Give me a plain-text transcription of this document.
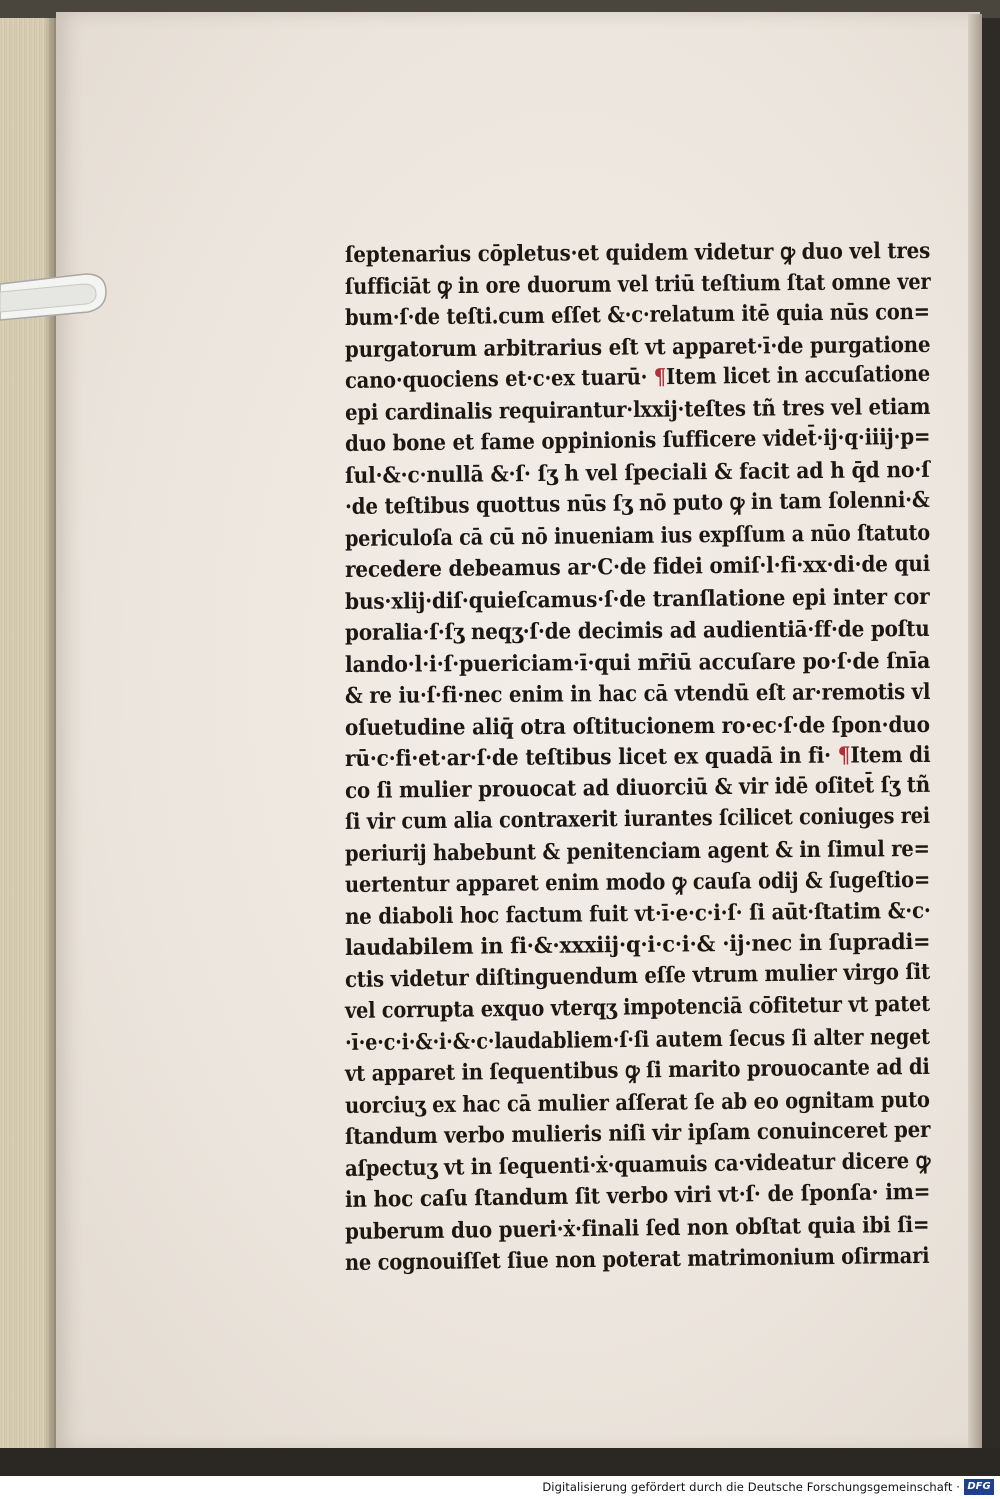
ſeptenarius cōpletus·et quidem videtur ꝙ duo vel tres
ſufficiāt ꝙ in ore duorum vel triū teſtium ſtat omne ver
bum·ſ·de teſti.cum eſſet &·c·relatum itē quia nūs con=
purgatorum arbitrarius eſt vt apparet·ī·de purgatione
cano·quociens et·c·ex tuarū· ¶Item licet in accuſatione
epi cardinalis requirantur·lxxij·teſtes tñ tres vel etiam
duo bone et fame oppinionis ſufficere videt̄·ij·q·iiij·p=
ſul·&·c·nullā &·ſ· ſʒ h vel ſpeciali & facit ad h q̄d no·ſ
·de teſtibus quottus nūs ſʒ nō puto ꝙ in tam ſolenni·&
periculoſa cā cū nō inueniam ius expſſum a nūo ſtatuto
recedere debeamus ar·C·de fidei omiſ·l·fi·xx·di·de qui
bus·xlij·diſ·quieſcamus·ſ·de tranſlatione epi inter cor
poralia·ſ·ſʒ neqʒ·ſ·de decimis ad audientiā·ff·de poſtu
lando·l·i·ſ·puericiam·ī·qui mr̄iū accuſare po·ſ·de ſnīa
& re iu·ſ·fi·nec enim in hac cā vtendū eſt ar·remotis vl
oſuetudine aliq̄ otra oſtitucionem ro·ec·ſ·de ſpon·duo
rū·c·fi·et·ar·ſ·de teſtibus licet ex quadā in fi· ¶Item di
co ſi mulier prouocat ad diuorciū & vir idē oſitet̄ ſʒ tñ
ſi vir cum alia contraxerit iurantes ſcilicet coniuges rei
periurij habebunt & penitenciam agent & in ſimul re=
uertentur apparet enim modo ꝙ cauſa odij & ſugeſtio=
ne diaboli hoc factum fuit vt·ī·e·c·i·ſ· ſi aūt·ſtatim &·c·
laudabilem in fi·&·xxxiij·q·i·c·i·& ·ij·nec in ſupradi=
ctis videtur diſtinguendum eſſe vtrum mulier virgo ſit
vel corrupta exquo vterqʒ impotenciā cōfitetur vt patet
·ī·e·c·i·&·i·&·c·laudabliem·ſ·ſi autem ſecus ſi alter neget
vt apparet in ſequentibus ꝙ ſi marito prouocante ad di
uorciuʒ ex hac cā mulier aſſerat ſe ab eo ognitam puto
ſtandum verbo mulieris niſi vir ipſam conuinceret per
aſpectuʒ vt in ſequenti·ẋ·quamuis ca·videatur dicere ꝙ
in hoc caſu ſtandum ſit verbo viri vt·ſ· de ſponſa· im=
puberum duo pueri·ẋ·finali ſed non obſtat quia ibi ſi=
ne cognouiſſet ſiue non poterat matrimonium oſirmari
Digitalisierung gefördert durch die Deutsche Forschungsgemeinschaft · DFG
